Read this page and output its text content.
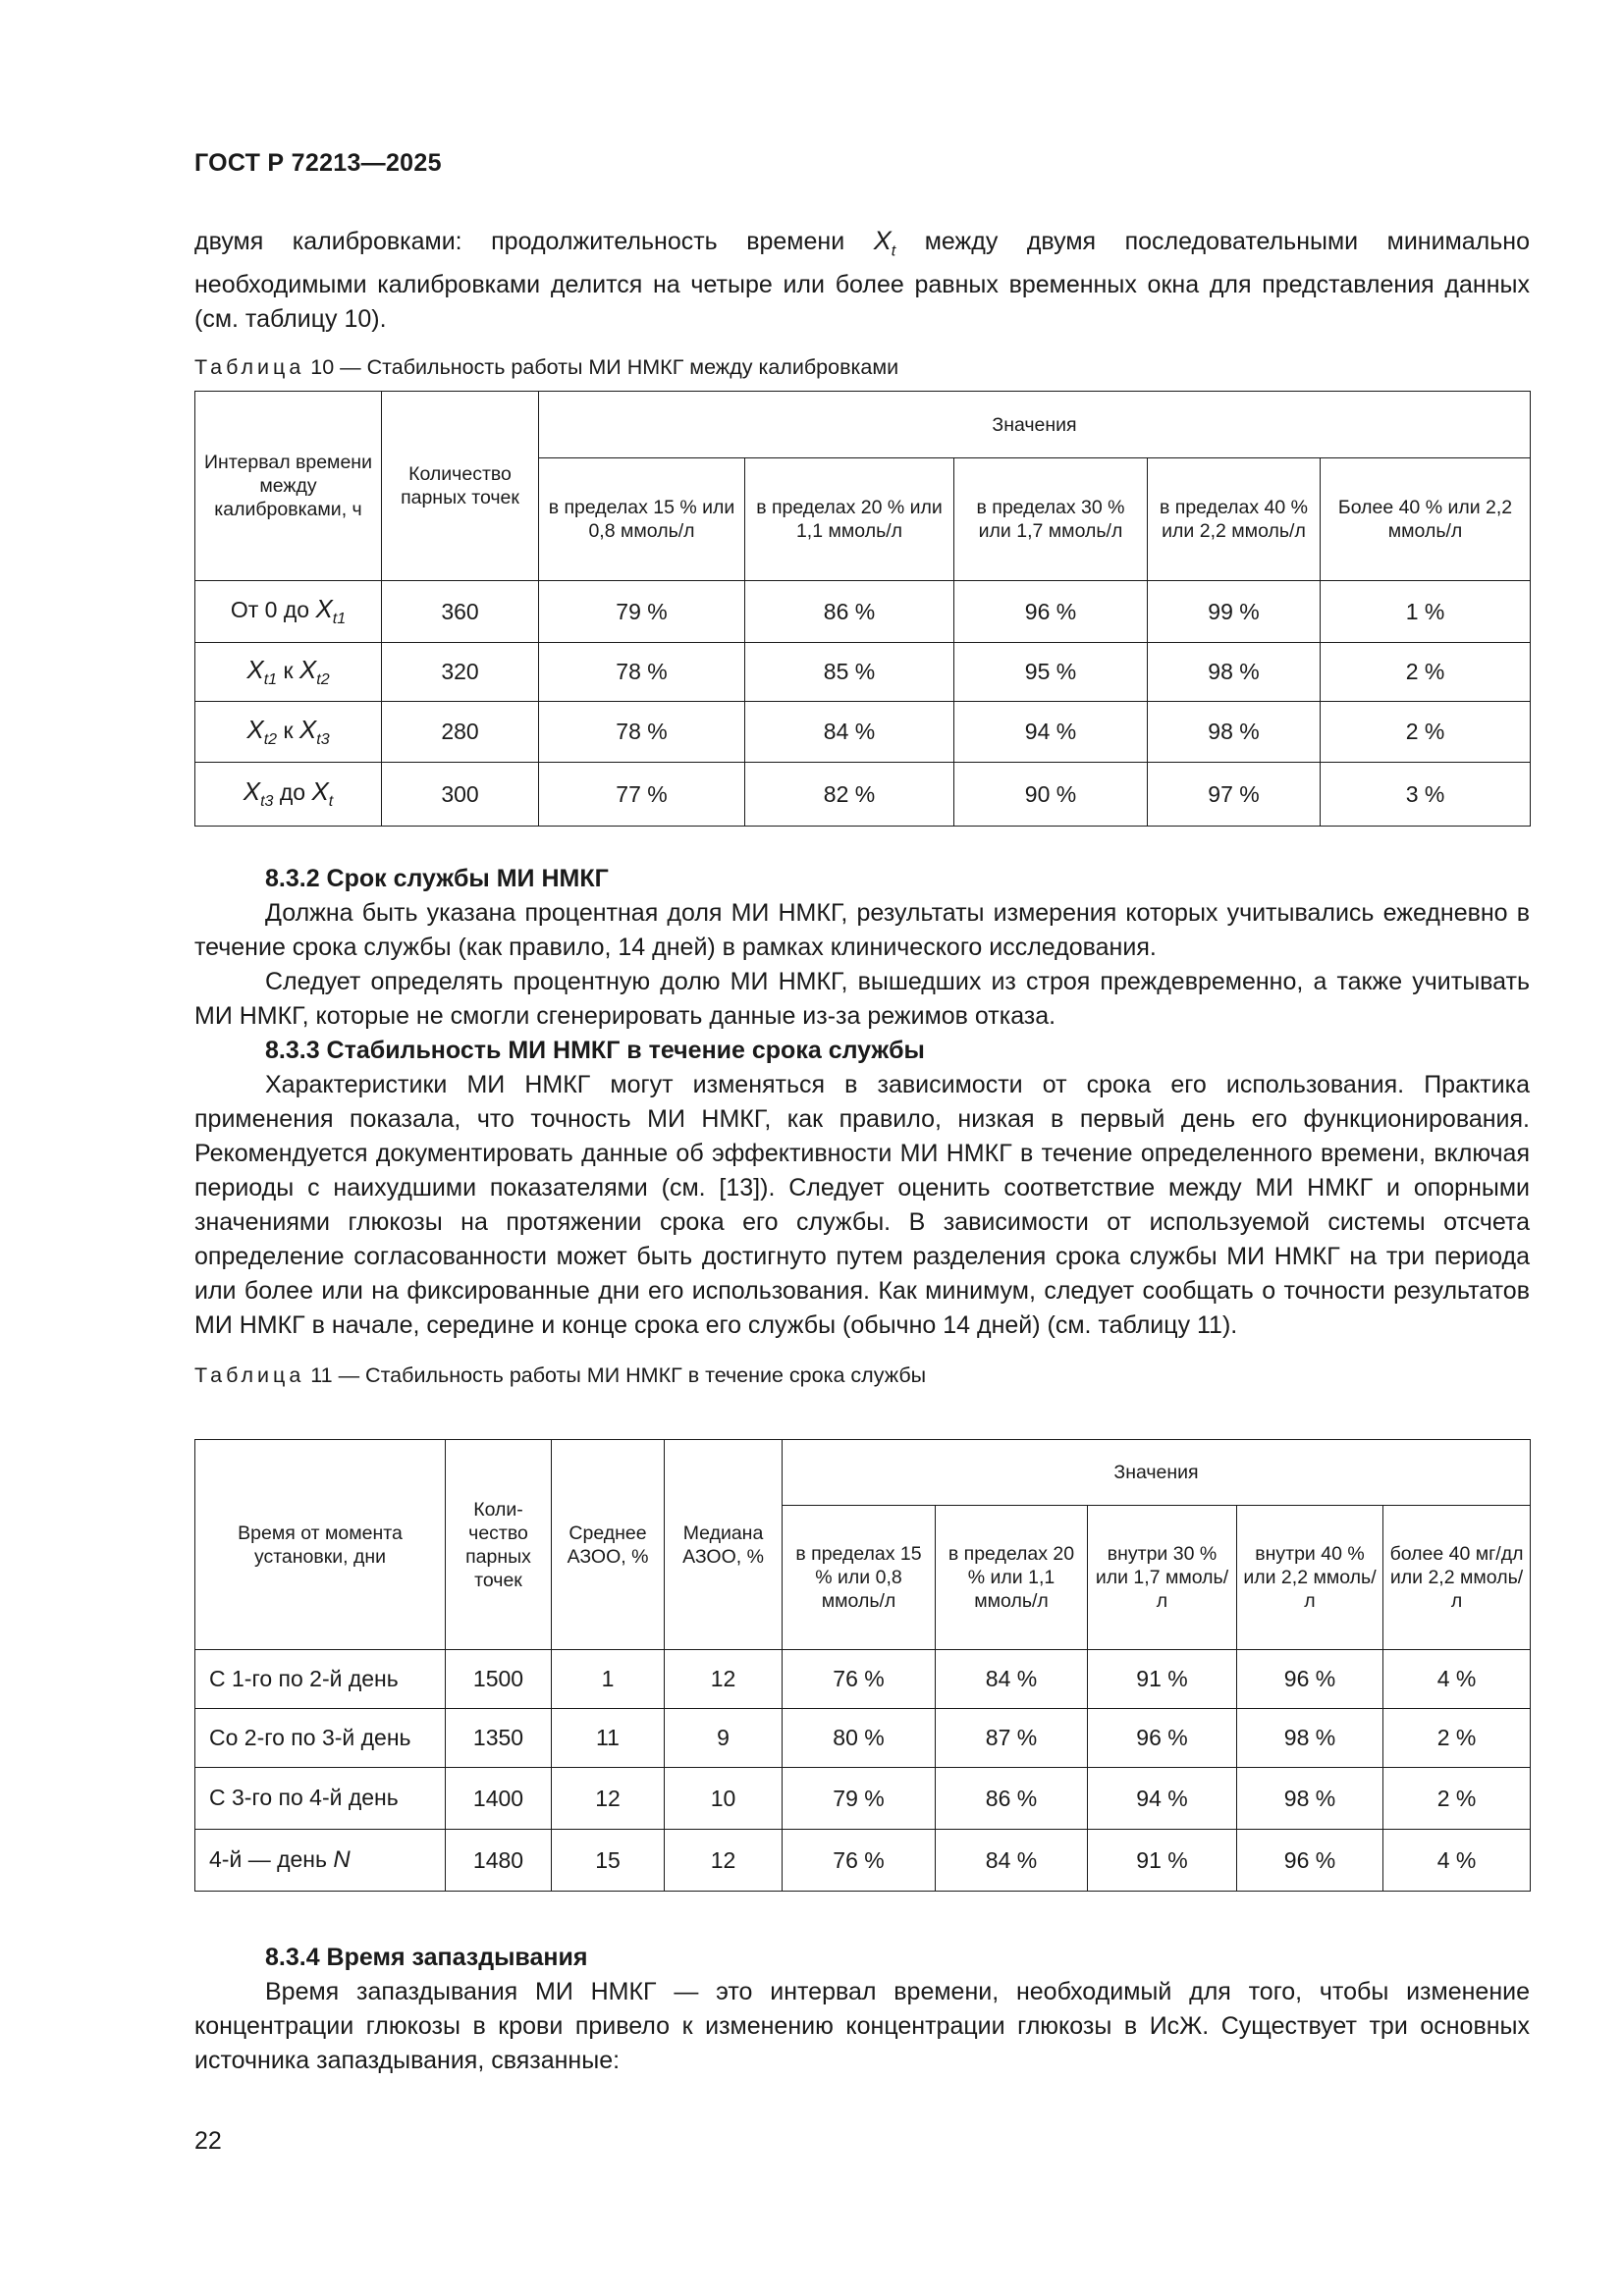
ГОСТ Р 72213—2025

двумя калибровками: продолжительность времени $X_t$ между двумя последовательными минимально необходимыми калибровками делится на четыре или более равных временных окна для представления данных (см. таблицу 10).

Таблица 10 — Стабильность работы МИ НМКГ между калибровками
Интервал времени между калибровками, ч	Количество парных точек	Значения				
		в пределах 15 % или 0,8 ммоль/л	в пределах 20 % или 1,1 ммоль/л	в пределах 30 % или 1,7 ммоль/л	в пределах 40 % или 2,2 ммоль/л	Более 40 % или 2,2 ммоль/л
От 0 до $X_{t1}$	360	79 %	86 %	96 %	99 %	1 %
$X_{t1}$ к $X_{t2}$	320	78 %	85 %	95 %	98 %	2 %
$X_{t2}$ к $X_{t3}$	280	78 %	84 %	94 %	98 %	2 %
$X_{t3}$ до $X_t$	300	77 %	82 %	90 %	97 %	3 %

8.3.2 Срок службы МИ НМКГ

Должна быть указана процентная доля МИ НМКГ, результаты измерения которых учитывались ежедневно в течение срока службы (как правило, 14 дней) в рамках клинического исследования.

Следует определять процентную долю МИ НМКГ, вышедших из строя преждевременно, а также учитывать МИ НМКГ, которые не смогли сгенерировать данные из-за режимов отказа.

8.3.3 Стабильность МИ НМКГ в течение срока службы

Характеристики МИ НМКГ могут изменяться в зависимости от срока его использования. Практика применения показала, что точность МИ НМКГ, как правило, низкая в первый день его функционирования. Рекомендуется документировать данные об эффективности МИ НМКГ в течение определенного времени, включая периоды с наихудшими показателями (см. [13]). Следует оценить соответствие между МИ НМКГ и опорными значениями глюкозы на протяжении срока его службы. В зависимости от используемой системы отсчета определение согласованности может быть достигнуто путем разделения срока службы МИ НМКГ на три периода или более или на фиксированные дни его использования. Как минимум, следует сообщать о точности результатов МИ НМКГ в начале, середине и конце срока его службы (обычно 14 дней) (см. таблицу 11).

Таблица 11 — Стабильность работы МИ НМКГ в течение срока службы
Время от момента установки, дни	Коли-чество парных точек	Среднее АЗОО, %	Медиана АЗОО, %	Значения				
				в пределах 15 % или 0,8 ммоль/л	в пределах 20 % или 1,1 ммоль/л	внутри 30 % или 1,7 ммоль/л	внутри 40 % или 2,2 ммоль/л	более 40 мг/дл или 2,2 ммоль/л
С 1-го по 2-й день	1500	1	12	76 %	84 %	91 %	96 %	4 %
Со 2-го по 3-й день	1350	11	9	80 %	87 %	96 %	98 %	2 %
С 3-го по 4-й день	1400	12	10	79 %	86 %	94 %	98 %	2 %
4-й — день N	1480	15	12	76 %	84 %	91 %	96 %	4 %

8.3.4 Время запаздывания

Время запаздывания МИ НМКГ — это интервал времени, необходимый для того, чтобы изменение концентрации глюкозы в крови привело к изменению концентрации глюкозы в ИсЖ. Существует три основных источника запаздывания, связанные:

22
